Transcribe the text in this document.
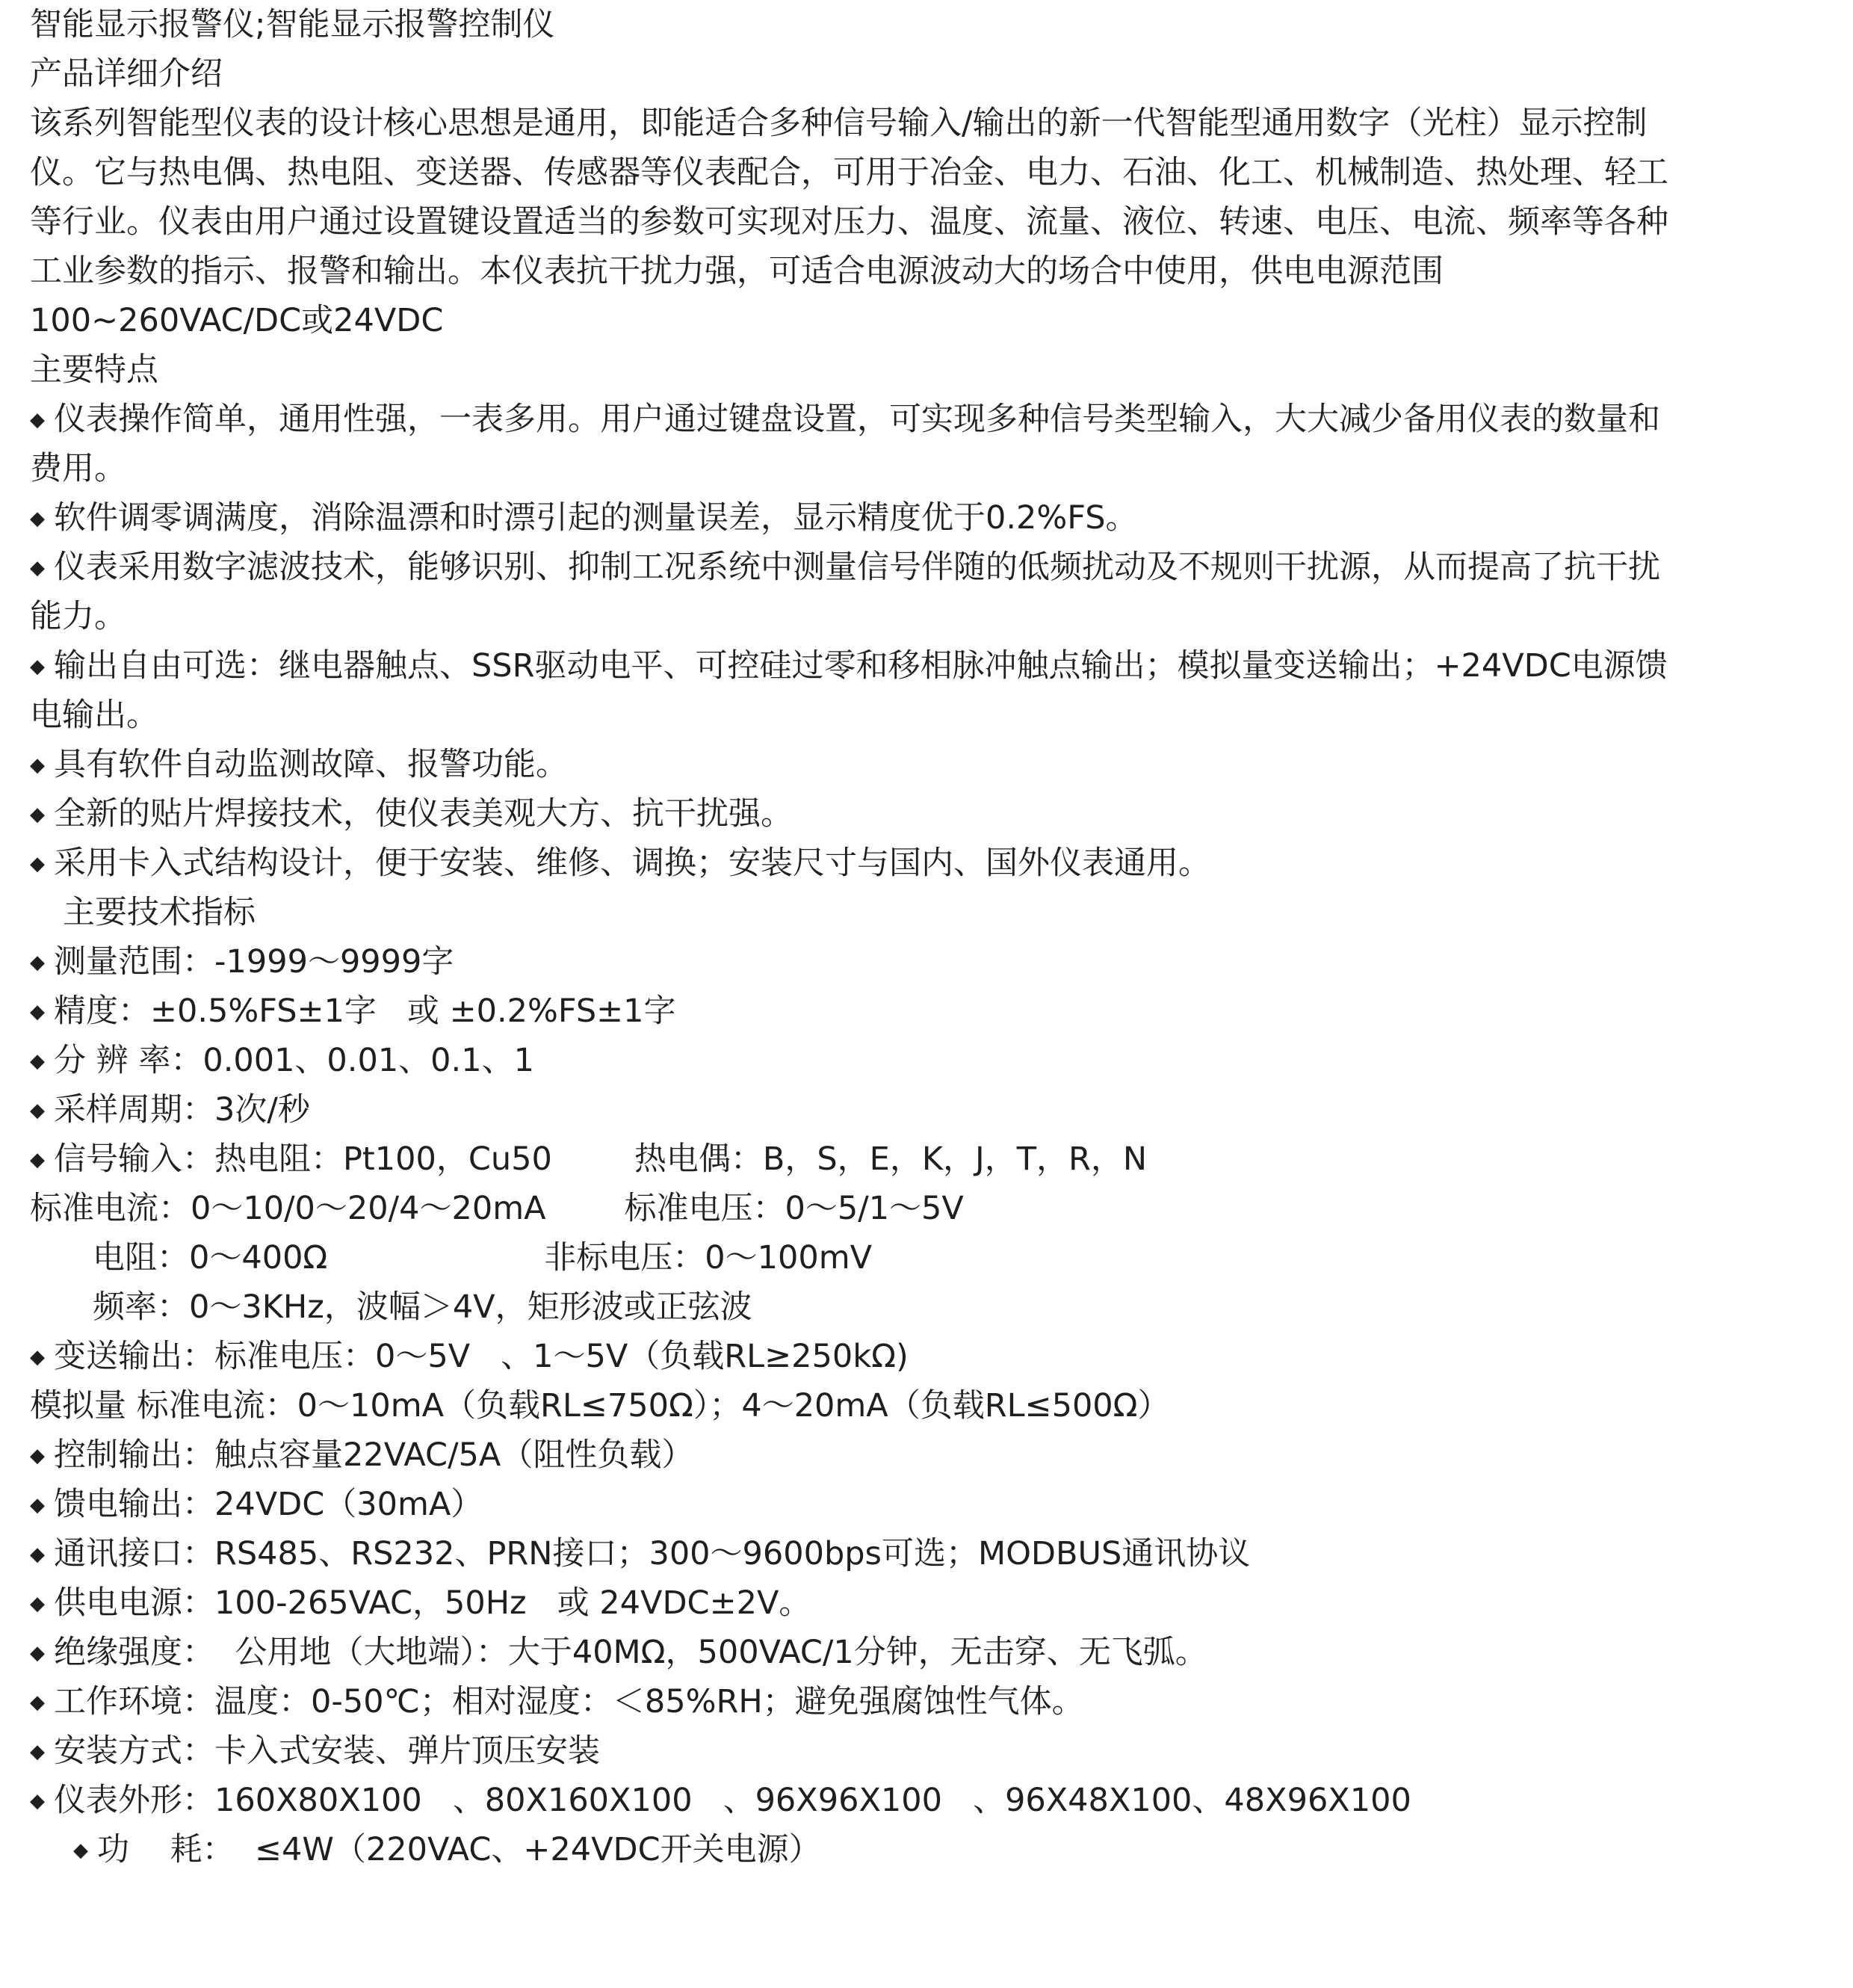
智能显示报警仪;智能显示报警控制仪
产品详细介绍
该系列智能型仪表的设计核心思想是通用，即能适合多种信号输入/输出的新一代智能型通用数字（光柱）显示控制
仪。它与热电偶、热电阻、变送器、传感器等仪表配合，可用于冶金、电力、石油、化工、机械制造、热处理、轻工
等行业。仪表由用户通过设置键设置适当的参数可实现对压力、温度、流量、液位、转速、电压、电流、频率等各种
工业参数的指示、报警和输出。本仪表抗干扰力强，可适合电源波动大的场合中使用，供电电源范围
100~260VAC/DC或24VDC
主要特点
◆ 仪表操作简单，通用性强，一表多用。用户通过键盘设置，可实现多种信号类型输入，大大减少备用仪表的数量和
费用。
◆ 软件调零调满度，消除温漂和时漂引起的测量误差，显示精度优于0.2%FS。
◆ 仪表采用数字滤波技术，能够识别、抑制工况系统中测量信号伴随的低频扰动及不规则干扰源，从而提高了抗干扰
能力。
◆ 输出自由可选：继电器触点、SSR驱动电平、可控硅过零和移相脉冲触点输出；模拟量变送输出；+24VDC电源馈
电输出。
◆ 具有软件自动监测故障、报警功能。
◆ 全新的贴片焊接技术，使仪表美观大方、抗干扰强。
◆ 采用卡入式结构设计，便于安装、维修、调换；安装尺寸与国内、国外仪表通用。
主要技术指标
◆ 测量范围：-1999～9999字
◆ 精度：±0.5%FS±1字   或 ±0.2%FS±1字
◆ 分 辨 率：0.001、0.01、0.1、1
◆ 采样周期：3次/秒
◆ 信号输入：热电阻：Pt100，Cu50	热电偶：B，S，E，K，J，T，R，N
标准电流：0～10/0～20/4～20mA 标准电压：0～5/1～5V
电阻：0～400Ω	非标电压：0～100mV
频率：0～3KHz，波幅＞4V，矩形波或正弦波
◆ 变送输出：标准电压：0～5V   、1～5V（负载RL≥250kΩ)
模拟量 标准电流：0～10mA（负载RL≤750Ω）；4～20mA（负载RL≤500Ω）
◆ 控制输出：触点容量22VAC/5A（阻性负载）
◆ 馈电输出：24VDC（30mA）
◆ 通讯接口：RS485、RS232、PRN接口；300～9600bps可选；MODBUS通讯协议
◆ 供电电源：100-265VAC，50Hz   或 24VDC±2V。
◆ 绝缘强度：  公用地（大地端）：大于40MΩ，500VAC/1分钟，无击穿、无飞弧。
◆ 工作环境：温度：0-50℃；相对湿度：＜85%RH；避免强腐蚀性气体。
◆ 安装方式：卡入式安装、弹片顶压安装
◆ 仪表外形：160X80X100   、80X160X100   、96X96X100   、96X48X100、48X96X100
◆ 功    耗：  ≤4W（220VAC、+24VDC开关电源）
